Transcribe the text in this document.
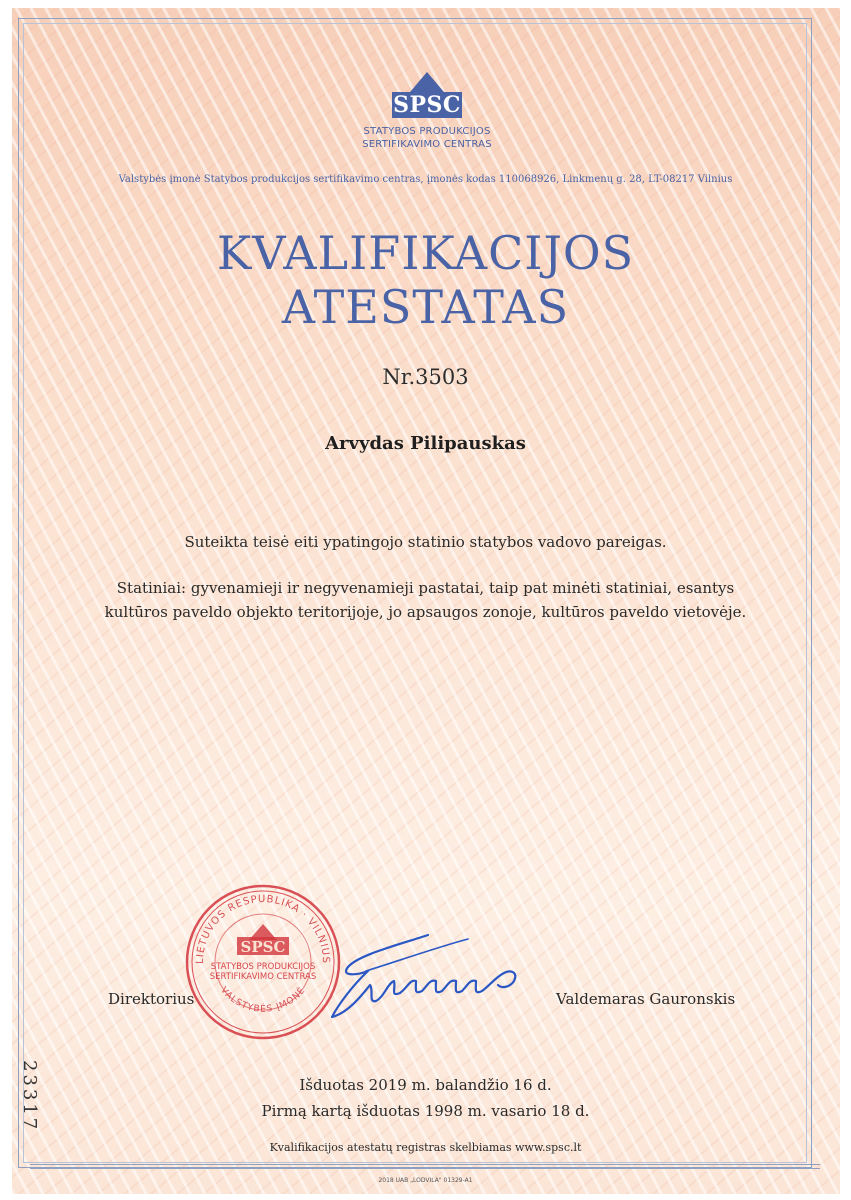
SPSC
STATYBOS PRODUKCIJOS
SERTIFIKAVIMO CENTRAS
Valstybės įmonė Statybos produkcijos sertifikavimo centras, įmonės kodas 110068926, Linkmenų g. 28, LT-08217 Vilnius
KVALIFIKACIJOS
ATESTATAS
Nr.3503
Arvydas Pilipauskas
Suteikta teisė eiti ypatingojo statinio statybos vadovo pareigas.
Statiniai: gyvenamieji ir negyvenamieji pastatai, taip pat minėti statiniai, esantys
kultūros paveldo objekto teritorijoje, jo apsaugos zonoje, kultūros paveldo vietovėje.
Direktorius	Valdemaras Gauronskis
LIETUVOS RESPUBLIKA · VILNIUS
VALSTYBĖS ĮMONĖ
SPSC
STATYBOS PRODUKCIJOS
SERTIFIKAVIMO CENTRAS
23317	Išduotas 2019 m. balandžio 16 d.
Pirmą kartą išduotas 1998 m. vasario 18 d.
Kvalifikacijos atestatų registras skelbiamas www.spsc.lt
2018 UAB „LODVILA" 01329-A1
